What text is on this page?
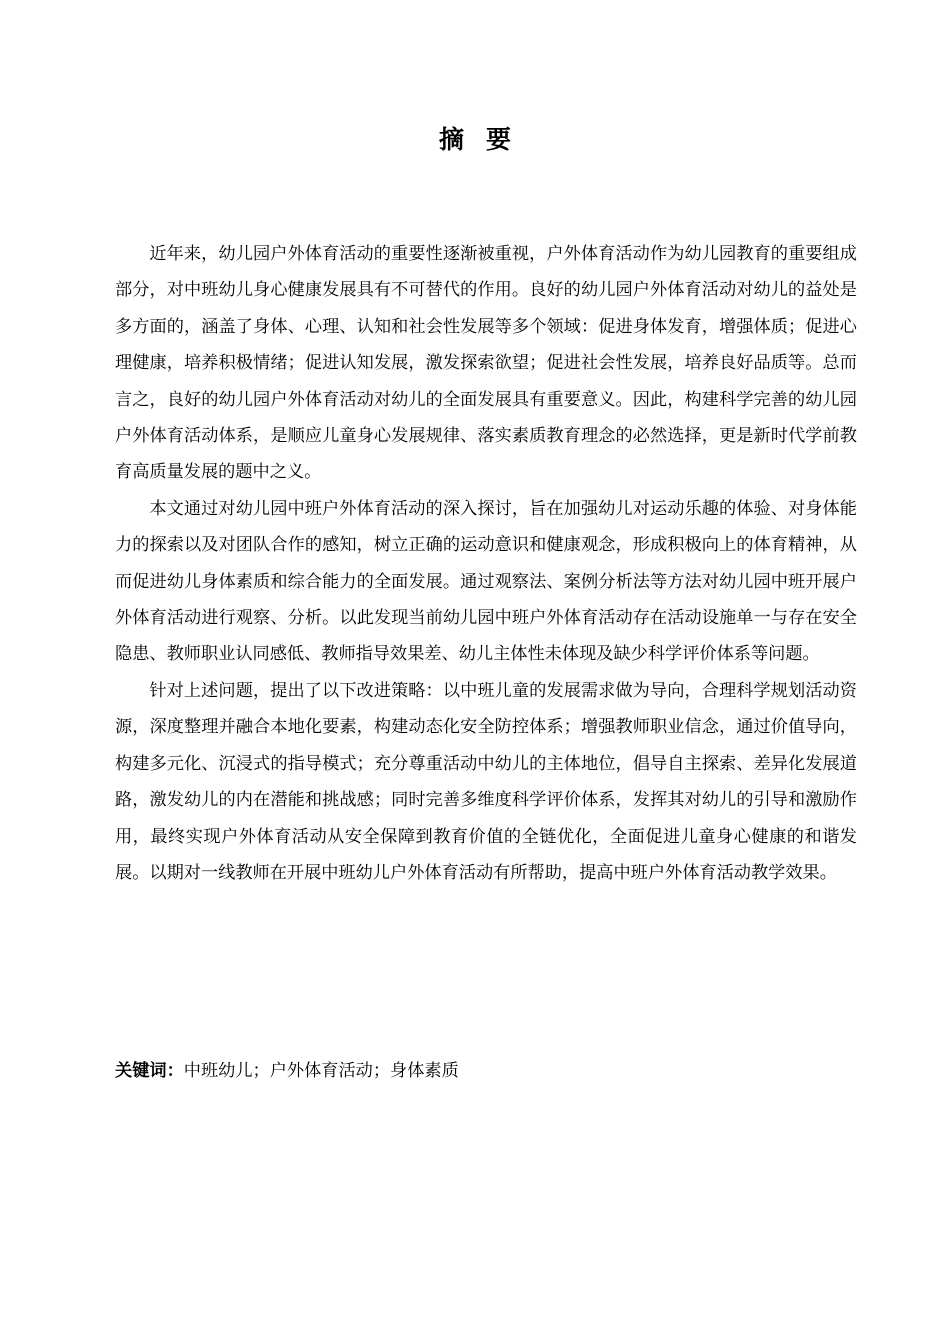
摘 要

近年来，幼儿园户外体育活动的重要性逐渐被重视，户外体育活动作为幼儿园教育的重要组成部分，对中班幼儿身心健康发展具有不可替代的作用。良好的幼儿园户外体育活动对幼儿的益处是多方面的，涵盖了身体、心理、认知和社会性发展等多个领域：促进身体发育，增强体质；促进心理健康，培养积极情绪；促进认知发展，激发探索欲望；促进社会性发展，培养良好品质等。总而言之，良好的幼儿园户外体育活动对幼儿的全面发展具有重要意义。因此，构建科学完善的幼儿园户外体育活动体系，是顺应儿童身心发展规律、落实素质教育理念的必然选择，更是新时代学前教育高质量发展的题中之义。

本文通过对幼儿园中班户外体育活动的深入探讨，旨在加强幼儿对运动乐趣的体验、对身体能力的探索以及对团队合作的感知，树立正确的运动意识和健康观念，形成积极向上的体育精神，从而促进幼儿身体素质和综合能力的全面发展。通过观察法、案例分析法等方法对幼儿园中班开展户外体育活动进行观察、分析。以此发现当前幼儿园中班户外体育活动存在活动设施单一与存在安全隐患、教师职业认同感低、教师指导效果差、幼儿主体性未体现及缺少科学评价体系等问题。

针对上述问题，提出了以下改进策略：以中班儿童的发展需求做为导向，合理科学规划活动资源，深度整理并融合本地化要素，构建动态化安全防控体系；增强教师职业信念，通过价值导向，构建多元化、沉浸式的指导模式；充分尊重活动中幼儿的主体地位，倡导自主探索、差异化发展道路，激发幼儿的内在潜能和挑战感；同时完善多维度科学评价体系，发挥其对幼儿的引导和激励作用，最终实现户外体育活动从安全保障到教育价值的全链优化，全面促进儿童身心健康的和谐发展。以期对一线教师在开展中班幼儿户外体育活动有所帮助，提高中班户外体育活动教学效果。

关键词：中班幼儿；户外体育活动；身体素质
